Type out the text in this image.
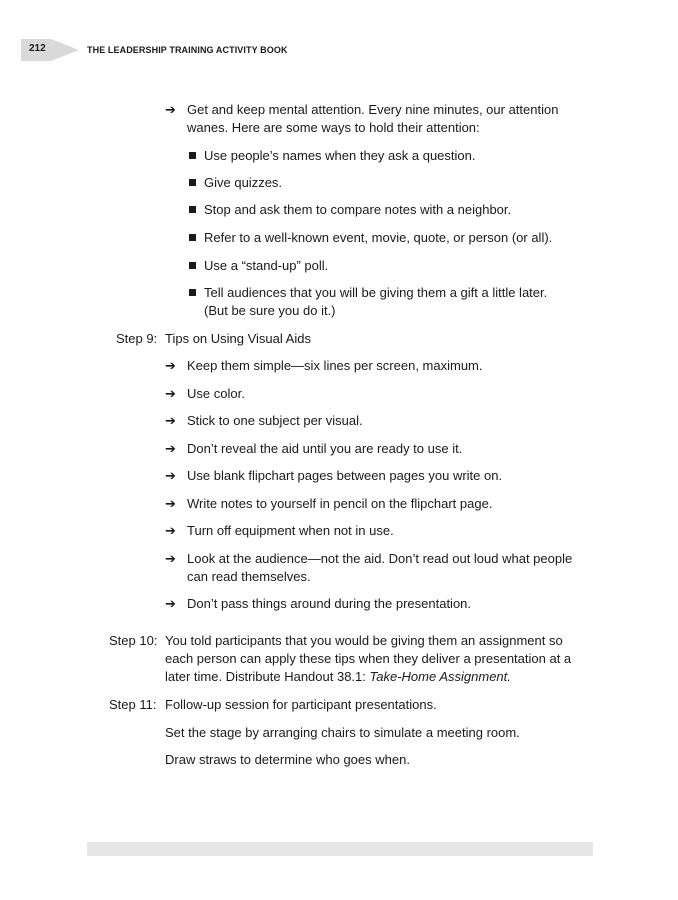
212	THE LEADERSHIP TRAINING ACTIVITY BOOK
➔ Get and keep mental attention. Every nine minutes, our attention
wanes. Here are some ways to hold their attention:
Use people’s names when they ask a question.
Give quizzes.
Stop and ask them to compare notes with a neighbor.
Refer to a well-known event, movie, quote, or person (or all).
Use a “stand-up” poll.
Tell audiences that you will be giving them a gift a little later.
(But be sure you do it.)
Step 9: Tips on Using Visual Aids
➔ Keep them simple—six lines per screen, maximum.
➔ Use color.
➔ Stick to one subject per visual.
➔ Don’t reveal the aid until you are ready to use it.
➔ Use blank flipchart pages between pages you write on.
➔ Write notes to yourself in pencil on the flipchart page.
➔ Turn off equipment when not in use.
➔ Look at the audience—not the aid. Don’t read out loud what people
can read themselves.
➔ Don’t pass things around during the presentation.
Step 10: You told participants that you would be giving them an assignment so
each person can apply these tips when they deliver a presentation at a
later time. Distribute Handout 38.1: Take-Home Assignment.
Step 11: Follow-up session for participant presentations.
Set the stage by arranging chairs to simulate a meeting room.
Draw straws to determine who goes when.
